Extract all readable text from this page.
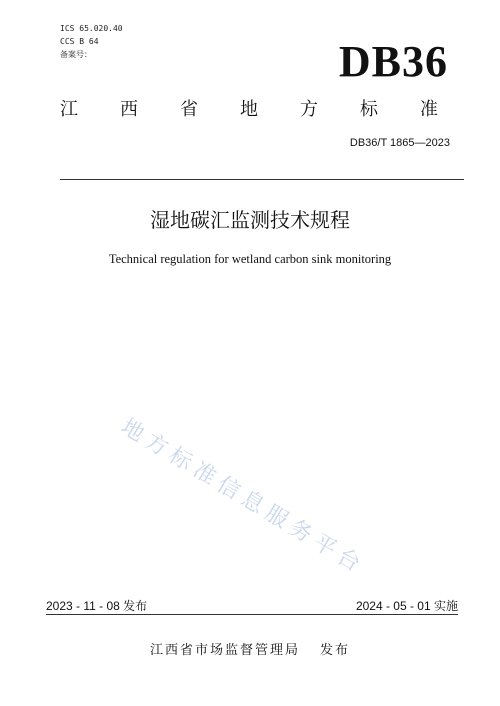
ICS 65.020.40
CCS B 64
备案号：	DB36
江 西 省 地 方 标 准
DB36/T 1865—2023
湿地碳汇监测技术规程
Technical regulation for wetland carbon sink monitoring
地方标准信息服务平台
2023 - 11 - 08 发布	2024 - 05 - 01 实施
江西省市场监督管理局 发布
